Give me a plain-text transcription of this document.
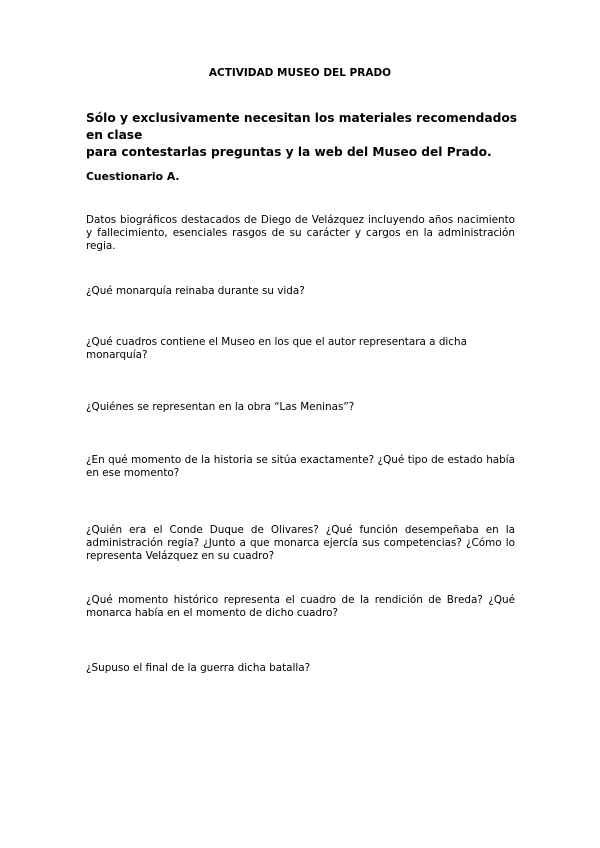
ACTIVIDAD MUSEO DEL PRADO
Sólo y exclusivamente necesitan los materiales recomendados en clase
para contestarlas preguntas y la web del Museo del Prado.
Cuestionario A.
Datos biográficos destacados de Diego de Velázquez incluyendo años nacimiento y fallecimiento, esenciales rasgos de su carácter y cargos en la administración regia.
¿Qué monarquía reinaba durante su vida?
¿Qué cuadros contiene el Museo en los que el autor representara a dicha monarquía?
¿Quiénes se representan en la obra “Las Meninas”?
¿En qué momento de la historia se sitúa exactamente? ¿Qué tipo de estado había en ese momento?
¿Quién era el Conde Duque de Olivares? ¿Qué función desempeñaba en la administración regia? ¿Junto a que monarca ejercía sus competencias? ¿Cómo lo representa Velázquez en su cuadro?
¿Qué momento histórico representa el cuadro de la rendición de Breda? ¿Qué monarca había en el momento de dicho cuadro?
¿Supuso el final de la guerra dicha batalla?
